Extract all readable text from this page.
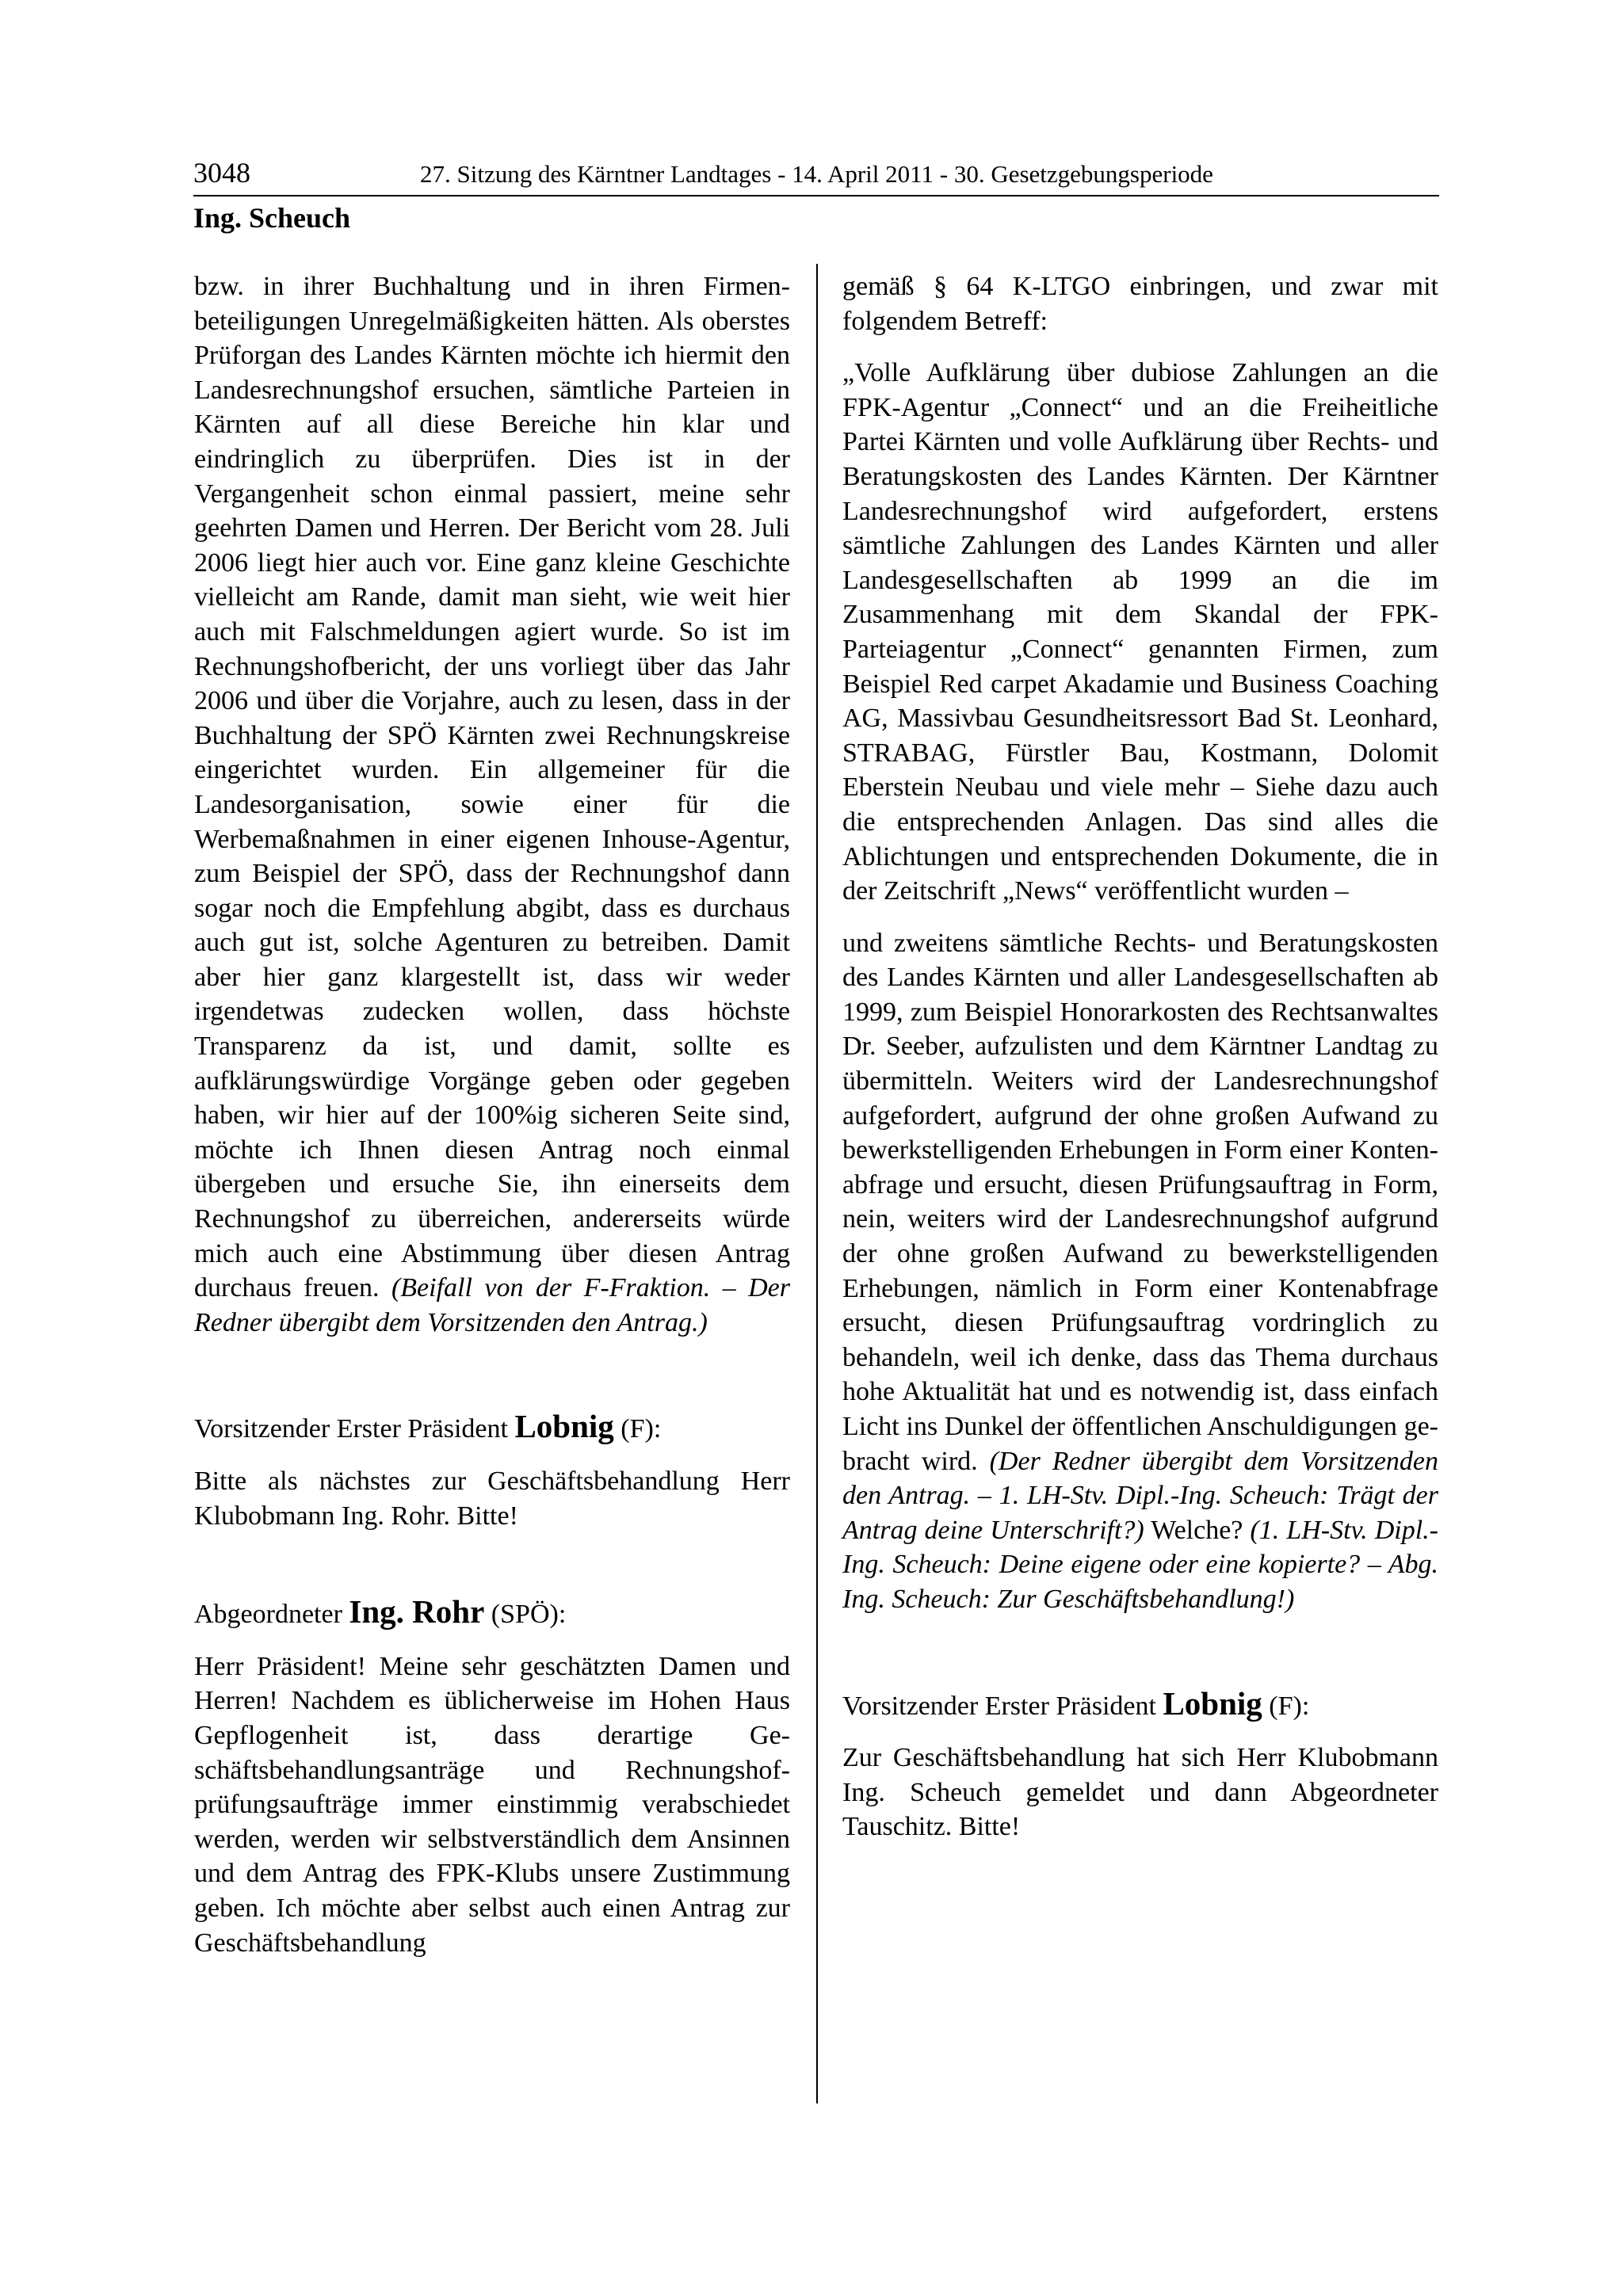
3048	27. Sitzung des Kärntner Landtages - 14. April 2011 - 30. Gesetzgebungsperiode
Ing. Scheuch

bzw. in ihrer Buchhaltung und in ihren Firmenbeteiligungen Unregelmäßigkeiten hätten. Als oberstes Prüforgan des Landes Kärnten möchte ich hiermit den Landesrechnungshof ersuchen, sämtliche Parteien in Kärnten auf all diese Bereiche hin klar und eindringlich zu überprüfen. Dies ist in der Vergangenheit schon einmal passiert, meine sehr geehrten Damen und Herren. Der Bericht vom 28. Juli 2006 liegt hier auch vor. Eine ganz kleine Geschichte vielleicht am Rande, damit man sieht, wie weit hier auch mit Falschmeldungen agiert wurde. So ist im Rechnungshofbericht, der uns vorliegt über das Jahr 2006 und über die Vorjahre, auch zu lesen, dass in der Buchhaltung der SPÖ Kärnten zwei Rechnungskreise eingerichtet wurden. Ein allgemeiner für die Landesorganisation, sowie einer für die Werbemaßnahmen in einer eigenen Inhouse-Agentur, zum Beispiel der SPÖ, dass der Rechnungshof dann sogar noch die Empfehlung abgibt, dass es durchaus auch gut ist, solche Agenturen zu betreiben. Damit aber hier ganz klargestellt ist, dass wir weder irgendetwas zudecken wollen, dass höchste Transparenz da ist, und damit, sollte es aufklärungswürdige Vorgänge geben oder gegeben haben, wir hier auf der 100%ig sicheren Seite sind, möchte ich Ihnen diesen Antrag noch einmal übergeben und ersuche Sie, ihn einerseits dem Rechnungshof zu überreichen, andererseits würde mich auch eine Abstimmung über diesen Antrag durchaus freuen. (Beifall von der F-Fraktion. – Der Redner übergibt dem Vorsitzenden den Antrag.)

Vorsitzender Erster Präsident Lobnig (F):

Bitte als nächstes zur Geschäftsbehandlung Herr Klubobmann Ing. Rohr. Bitte!

Abgeordneter Ing. Rohr (SPÖ):

Herr Präsident! Meine sehr geschätzten Damen und Herren! Nachdem es üblicherweise im Hohen Haus Gepflogenheit ist, dass derartige Geschäftsbehandlungsanträge und Rechnungshofprüfungsaufträge immer einstimmig verabschiedet werden, werden wir selbstverständlich dem Ansinnen und dem Antrag des FPK-Klubs unsere Zustimmung geben. Ich möchte aber selbst auch einen Antrag zur Geschäftsbehandlung

gemäß § 64 K-LTGO einbringen, und zwar mit folgendem Betreff:

„Volle Aufklärung über dubiose Zahlungen an die FPK-Agentur „Connect“ und an die Freiheitliche Partei Kärnten und volle Aufklärung über Rechts- und Beratungskosten des Landes Kärnten. Der Kärntner Landesrechnungshof wird aufgefordert, erstens sämtliche Zahlungen des Landes Kärnten und aller Landesgesellschaften ab 1999 an die im Zusammenhang mit dem Skandal der FPK-Parteiagentur „Connect“ genannten Firmen, zum Beispiel Red carpet Akadamie und Business Coaching AG, Massivbau Gesundheitsressort Bad St. Leonhard, STRABAG, Fürstler Bau, Kostmann, Dolomit Eberstein Neubau und viele mehr – Siehe dazu auch die entsprechenden Anlagen. Das sind alles die Ablichtungen und entsprechenden Dokumente, die in der Zeitschrift „News“ veröffentlicht wurden –

und zweitens sämtliche Rechts- und Beratungskosten des Landes Kärnten und aller Landesgesellschaften ab 1999, zum Beispiel Honorarkosten des Rechtsanwaltes Dr. Seeber, aufzulisten und dem Kärntner Landtag zu übermitteln. Weiters wird der Landesrechnungshof aufgefordert, aufgrund der ohne großen Aufwand zu bewerkstelligenden Erhebungen in Form einer Kontenabfrage und ersucht, diesen Prüfungsauftrag in Form, nein, weiters wird der Landesrechnungshof aufgrund der ohne großen Aufwand zu bewerkstelligenden Erhebungen, nämlich in Form einer Kontenabfrage ersucht, diesen Prüfungsauftrag vordringlich zu behandeln, weil ich denke, dass das Thema durchaus hohe Aktualität hat und es notwendig ist, dass einfach Licht ins Dunkel der öffentlichen Anschuldigungen gebracht wird. (Der Redner übergibt dem Vorsitzenden den Antrag. – 1. LH-Stv. Dipl.-Ing. Scheuch: Trägt der Antrag deine Unterschrift?) Welche? (1. LH-Stv. Dipl.-Ing. Scheuch: Deine eigene oder eine kopierte? – Abg. Ing. Scheuch: Zur Geschäftsbehandlung!)

Vorsitzender Erster Präsident Lobnig (F):

Zur Geschäftsbehandlung hat sich Herr Klubobmann Ing. Scheuch gemeldet und dann Abgeordneter Tauschitz. Bitte!
